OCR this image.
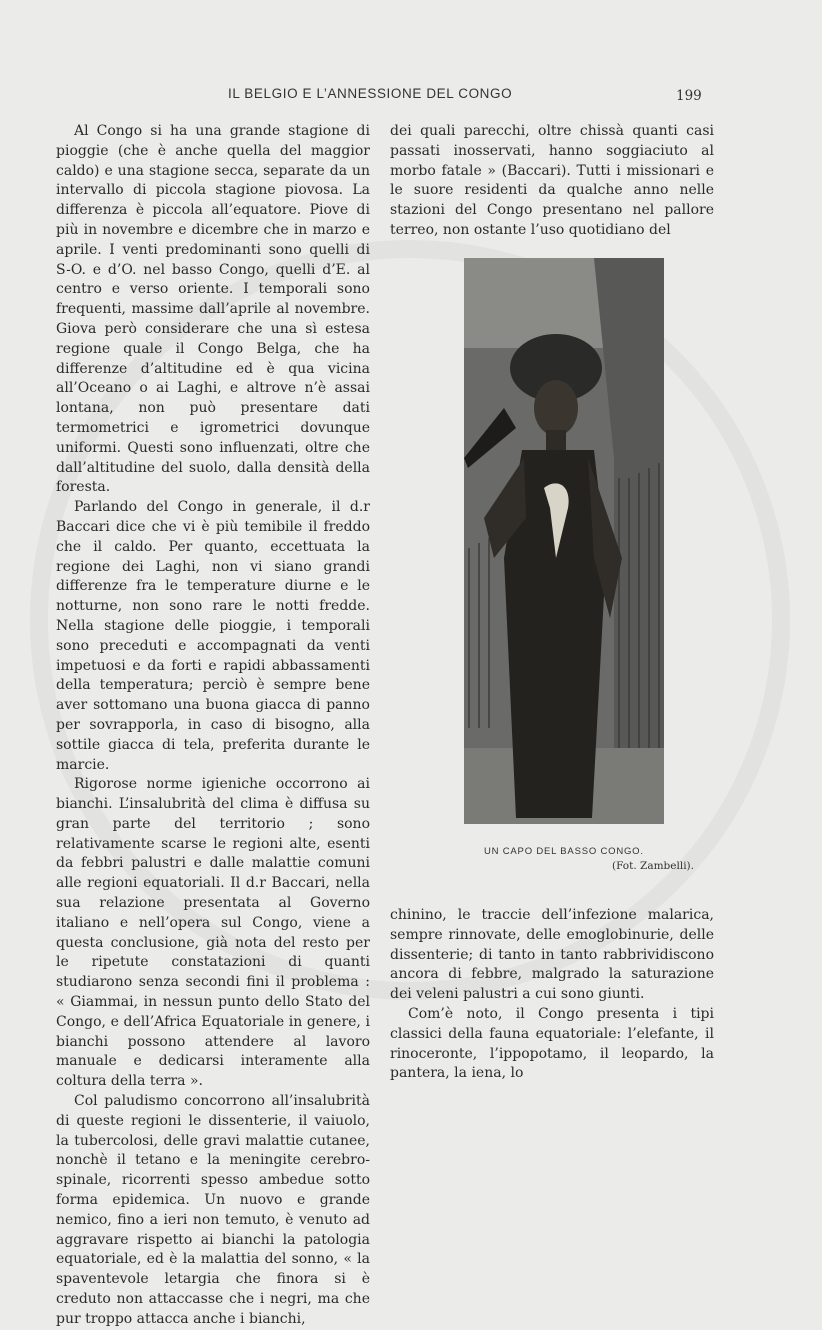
IL BELGIO E L’ANNESSIONE DEL CONGO	199

Al Congo si ha una grande stagione di pioggie (che è anche quella del maggior caldo) e una stagione secca, separate da un intervallo di piccola stagione piovosa. La differenza è piccola all’equatore. Piove di più in novembre e dicembre che in marzo e aprile. I venti predominanti sono quelli di S-O. e d’O. nel basso Congo, quelli d’E. al centro e verso oriente. I temporali sono frequenti, massime dall’aprile al novembre. Giova però considerare che una sì estesa regione quale il Congo Belga, che ha differenze d’altitudine ed è qua vicina all’Oceano o ai Laghi, e altrove n’è assai lontana, non può presentare dati termometrici e igrometrici dovunque uniformi. Questi sono influenzati, oltre che dall’altitudine del suolo, dalla densità della foresta.

Parlando del Congo in generale, il d.r Baccari dice che vi è più temibile il freddo che il caldo. Per quanto, eccettuata la regione dei Laghi, non vi siano grandi differenze fra le temperature diurne e le notturne, non sono rare le notti fredde. Nella stagione delle pioggie, i temporali sono preceduti e accompagnati da venti impetuosi e da forti e rapidi abbassamenti della temperatura; perciò è sempre bene aver sottomano una buona giacca di panno per sovrapporla, in caso di bisogno, alla sottile giacca di tela, preferita durante le marcie.

Rigorose norme igieniche occorrono ai bianchi. L’insalubrità del clima è diffusa su gran parte del territorio ; sono relativamente scarse le regioni alte, esenti da febbri palustri e dalle malattie comuni alle regioni equatoriali. Il d.r Baccari, nella sua relazione presentata al Governo italiano e nell’opera sul Congo, viene a questa conclusione, già nota del resto per le ripetute constatazioni di quanti studiarono senza secondi fini il problema : « Giammai, in nessun punto dello Stato del Congo, e dell’Africa Equatoriale in genere, i bianchi possono attendere al lavoro manuale e dedicarsi interamente alla coltura della terra ».

Col paludismo concorrono all’insalubrità di queste regioni le dissenterie, il vaiuolo, la tubercolosi, delle gravi malattie cutanee, nonchè il tetano e la meningite cerebro-spinale, ricorrenti spesso ambedue sotto forma epidemica. Un nuovo e grande nemico, fino a ieri non temuto, è venuto ad aggravare rispetto ai bianchi la patologia equatoriale, ed è la malattia del sonno, « la spaventevole letargia che finora si è creduto non attaccasse che i negri, ma che pur troppo attacca anche i bianchi,

dei quali parecchi, oltre chissà quanti casi passati inosservati, hanno soggiaciuto al morbo fatale » (Baccari). Tutti i missionari e le suore residenti da qualche anno nelle stazioni del Congo presentano nel pallore terreo, non ostante l’uso quotidiano del

UN CAPO DEL BASSO CONGO.
(Fot. Zambelli).

chinino, le traccie dell’infezione malarica, sempre rinnovate, delle emoglobinurie, delle dissenterie; di tanto in tanto rabbrividiscono ancora di febbre, malgrado la saturazione dei veleni palustri a cui sono giunti.

Com’è noto, il Congo presenta i tipi classici della fauna equatoriale: l’elefante, il rinoceronte, l’ippopotamo, il leopardo, la pantera, la iena, lo
